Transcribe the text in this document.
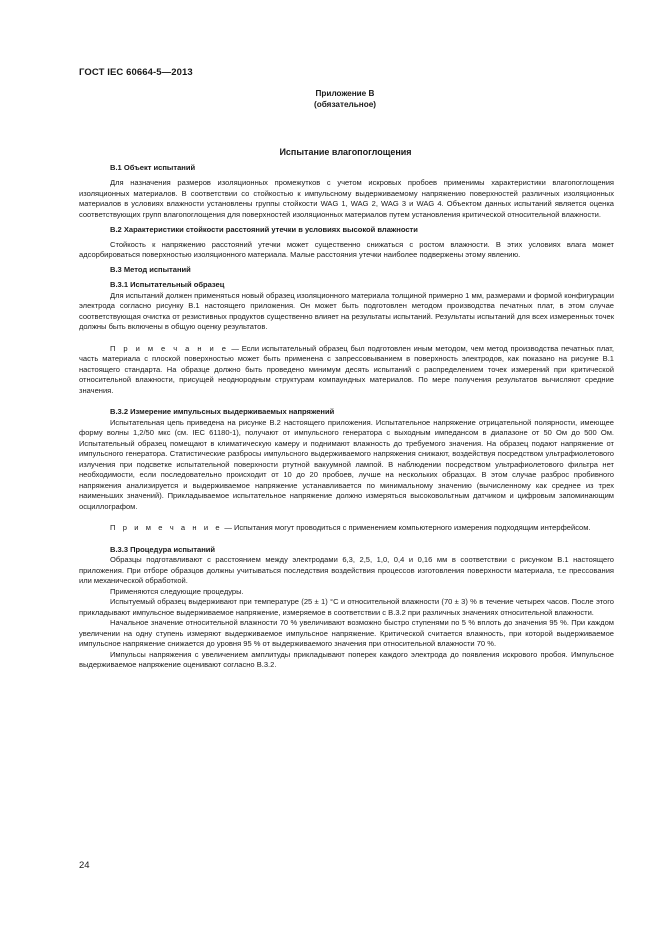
ГОСТ IEC 60664-5—2013
Приложение В
(обязательное)
Испытание влагопоглощения
В.1 Объект испытаний

Для назначения размеров изоляционных промежутков с учетом искровых пробоев применимы характеристики влагопоглощения изоляционных материалов. В соответствии со стойкостью к импульсному выдерживаемому напряжению поверхностей различных изоляционных материалов в условиях влажности установлены группы стойкости WAG 1, WAG 2, WAG 3 и WAG 4. Объектом данных испытаний является оценка соответствующих групп влагопоглощения для поверхностей изоляционных материалов путем установления критической относительной влажности.

В.2 Характеристики стойкости расстояний утечки в условиях высокой влажности

Стойкость к напряжению расстояний утечки может существенно снижаться с ростом влажности. В этих условиях влага может адсорбироваться поверхностью изоляционного материала. Малые расстояния утечки наиболее подвержены этому явлению.

В.3 Метод испытаний
В.3.1 Испытательный образец

Для испытаний должен применяться новый образец изоляционного материала толщиной примерно 1 мм, размерами и формой конфигурации электрода согласно рисунку В.1 настоящего приложения. Он может быть подготовлен методом производства печатных плат, в этом случае соответствующая очистка от резистивных продуктов существенно влияет на результаты испытаний. Результаты испытаний для всех измеренных точек должны быть включены в общую оценку результатов.

П р и м е ч а н и е — Если испытательный образец был подготовлен иным методом, чем метод производства печатных плат, часть материала с плоской поверхностью может быть применена с запрессовыванием в поверхность электродов, как показано на рисунке В.1 настоящего стандарта. На образце должно быть проведено минимум десять испытаний с распределением точек измерений при критической относительной влажности, присущей неоднородным структурам компаундных материалов. По мере получения результатов вычисляют средние значения.

В.3.2 Измерение импульсных выдерживаемых напряжений

Испытательная цепь приведена на рисунке В.2 настоящего приложения. Испытательное напряжение отрицательной полярности, имеющее форму волны 1,2/50 мкс (см. IEC 61180-1), получают от импульсного генератора с выходным импедансом в диапазоне от 50 Ом до 500 Ом. Испытательный образец помещают в климатическую камеру и поднимают влажность до требуемого значения. На образец подают напряжение от импульсного генератора. Статистические разбросы импульсного выдерживаемого напряжения снижают, воздействуя посредством ультрафиолетового излучения при подсветке испытательной поверхности ртутной вакуумной лампой. В наблюдении посредством ультрафиолетового фильтра нет необходимости, если последовательно происходит от 10 до 20 пробоев, лучше на нескольких образцах. В этом случае разброс пробивного напряжения анализируется и выдерживаемое напряжение устанавливается по минимальному значению (вычисленному как среднее из трех наименьших значений). Прикладываемое испытательное напряжение должно измеряться высоковольтным датчиком и цифровым запоминающим осциллографом.

П р и м е ч а н и е — Испытания могут проводиться с применением компьютерного измерения подходящим интерфейсом.

В.3.3 Процедура испытаний

Образцы подготавливают с расстоянием между электродами 6,3, 2,5, 1,0, 0,4 и 0,16 мм в соответствии с рисунком В.1 настоящего приложения. При отборе образцов должны учитываться последствия воздействия процессов изготовления поверхности материала, т.е прессования или механической обработкой.

Применяются следующие процедуры.

Испытуемый образец выдерживают при температуре (25 ± 1) °С и относительной влажности (70 ± 3) % в течение четырех часов. После этого прикладывают импульсное выдерживаемое напряжение, измеряемое в соответствии с В.3.2 при различных значениях относительной влажности.

Начальное значение относительной влажности 70 % увеличивают возможно быстро ступенями по 5 % вплоть до значения 95 %. При каждом увеличении на одну ступень измеряют выдерживаемое импульсное напряжение. Критической считается влажность, при которой выдерживаемое импульсное напряжение снижается до уровня 95 % от выдерживаемого значения при относительной влажности 70 %.

Импульсы напряжения с увеличением амплитуды прикладывают поперек каждого электрода до появления искрового пробоя. Импульсное выдерживаемое напряжение оценивают согласно В.3.2.

24
